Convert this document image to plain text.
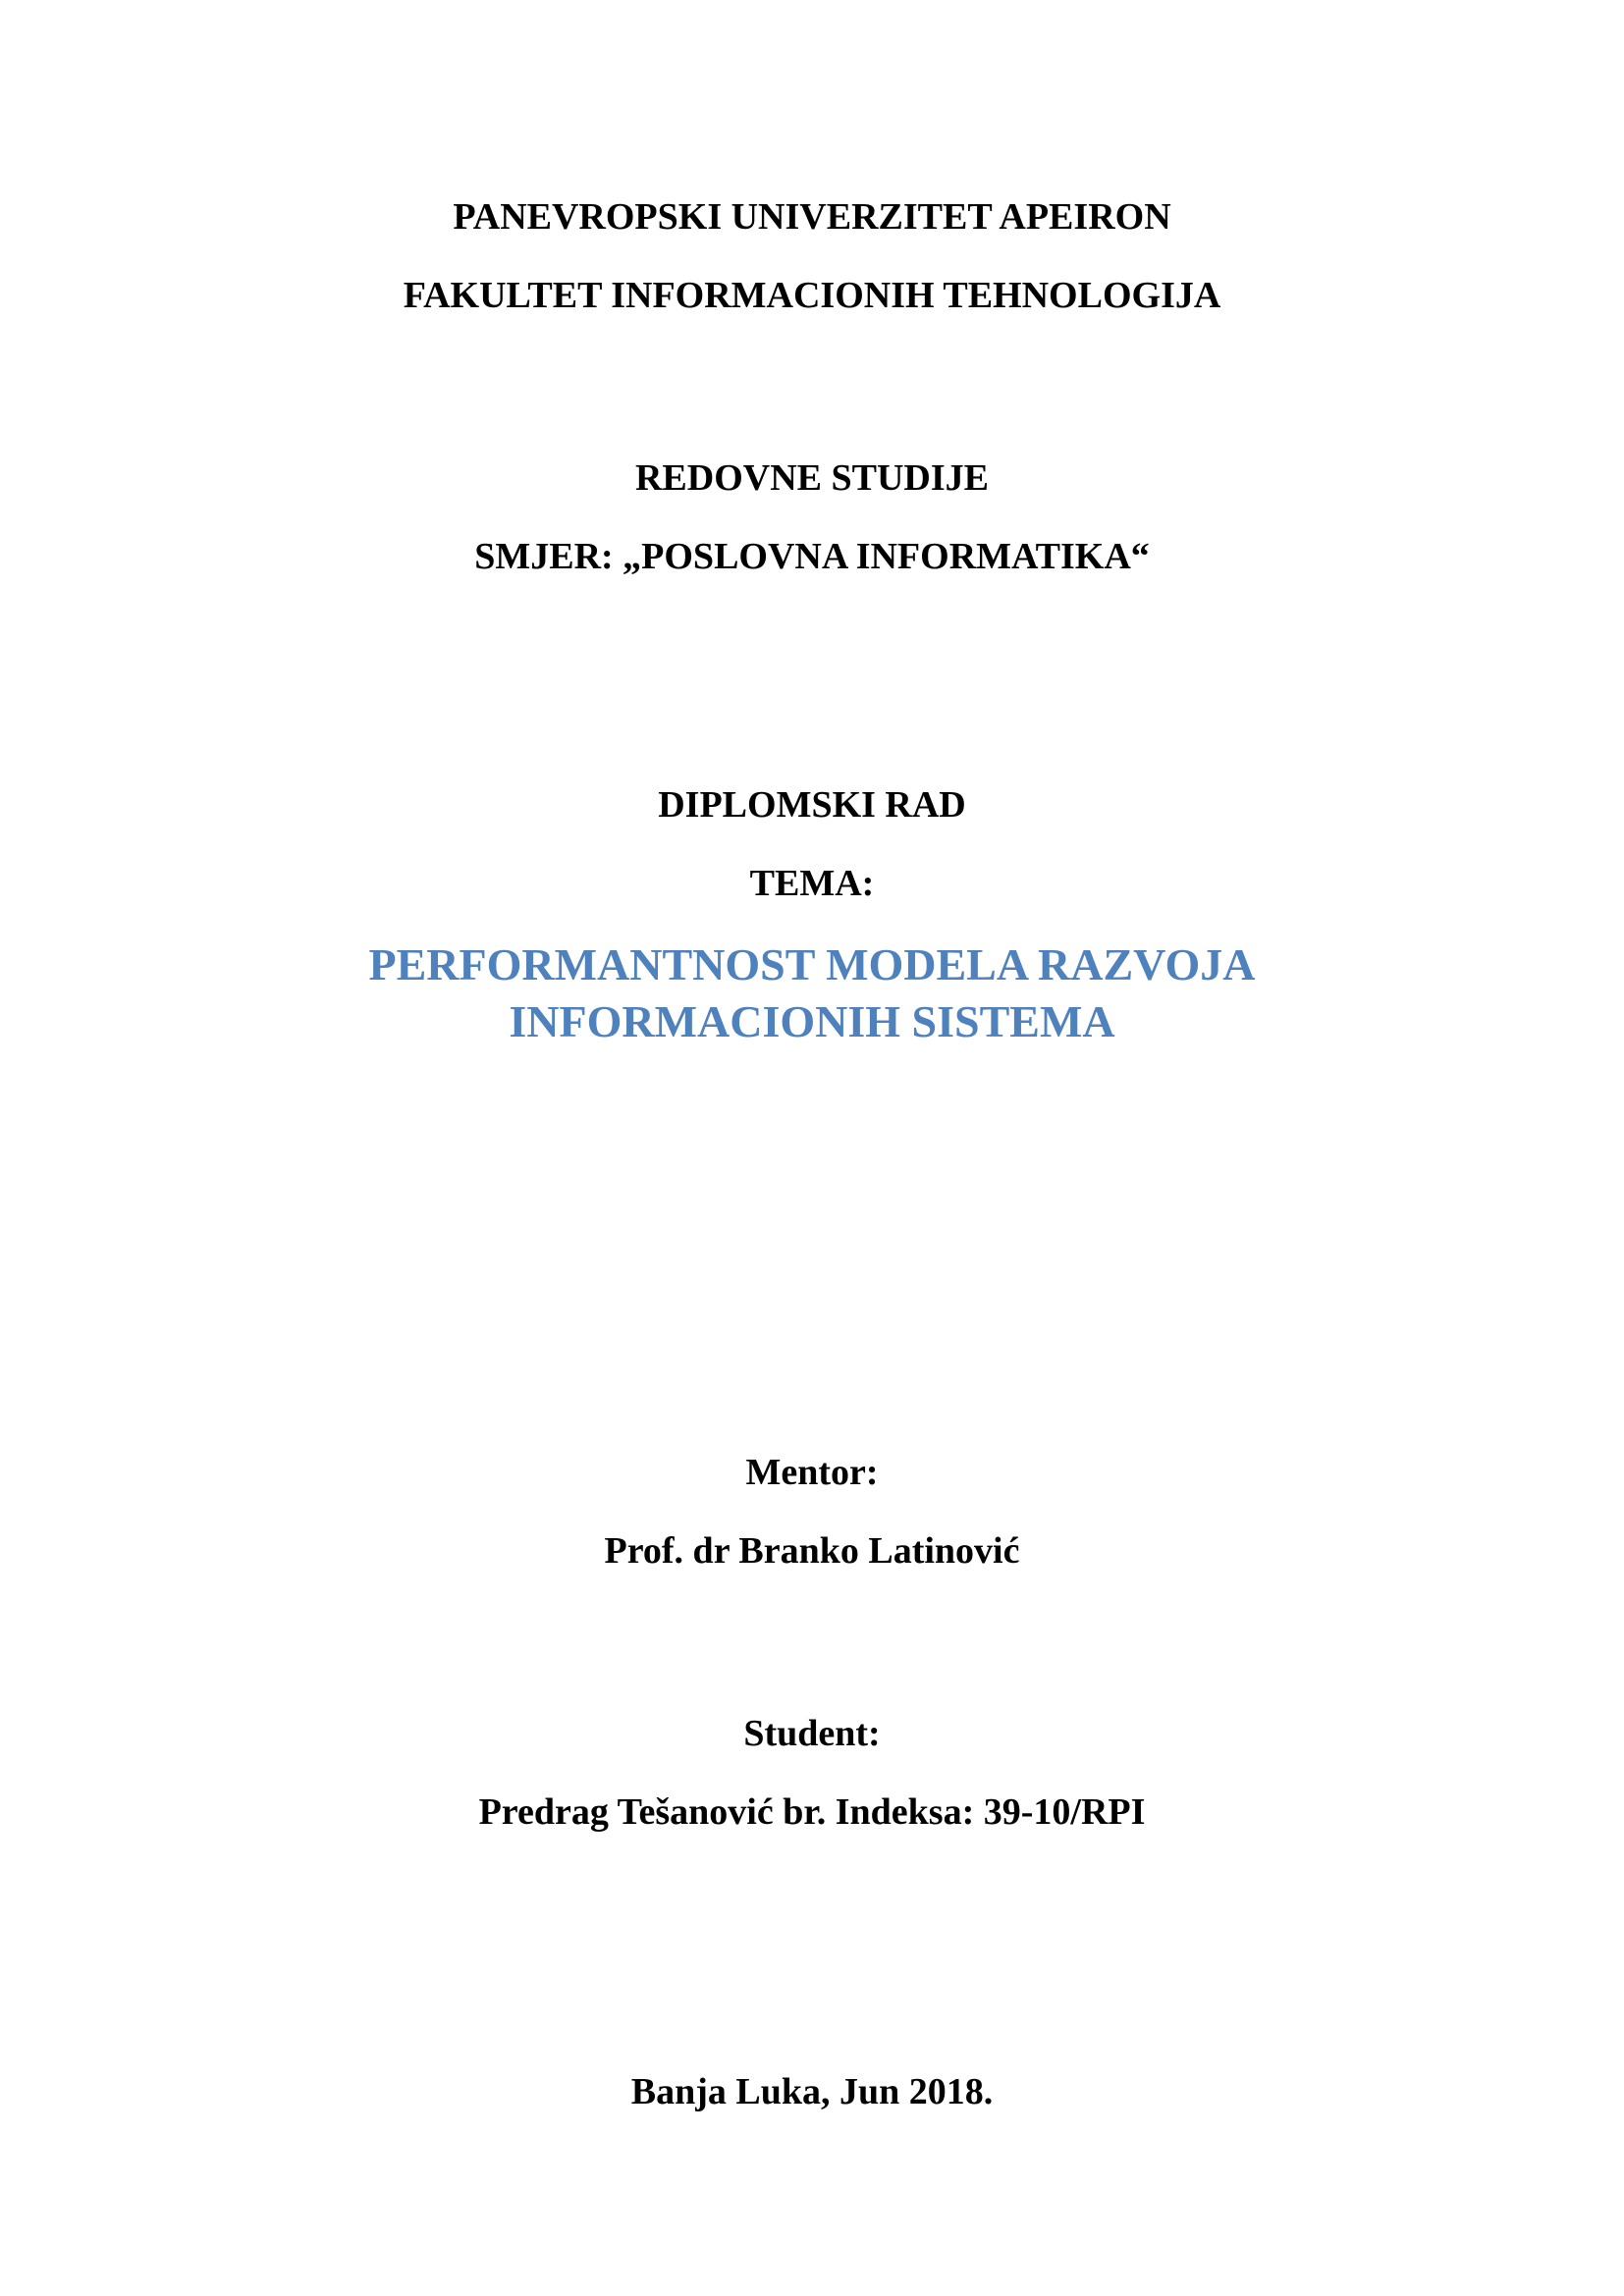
PANEVROPSKI UNIVERZITET APEIRON
FAKULTET INFORMACIONIH TEHNOLOGIJA
REDOVNE STUDIJE
SMJER: „POSLOVNA INFORMATIKA“
DIPLOMSKI RAD
TEMA:
PERFORMANTNOST MODELA RAZVOJA
INFORMACIONIH SISTEMA
Mentor:
Prof. dr Branko Latinović
Student:
Predrag Tešanović br. Indeksa: 39-10/RPI
Banja Luka, Jun 2018.
